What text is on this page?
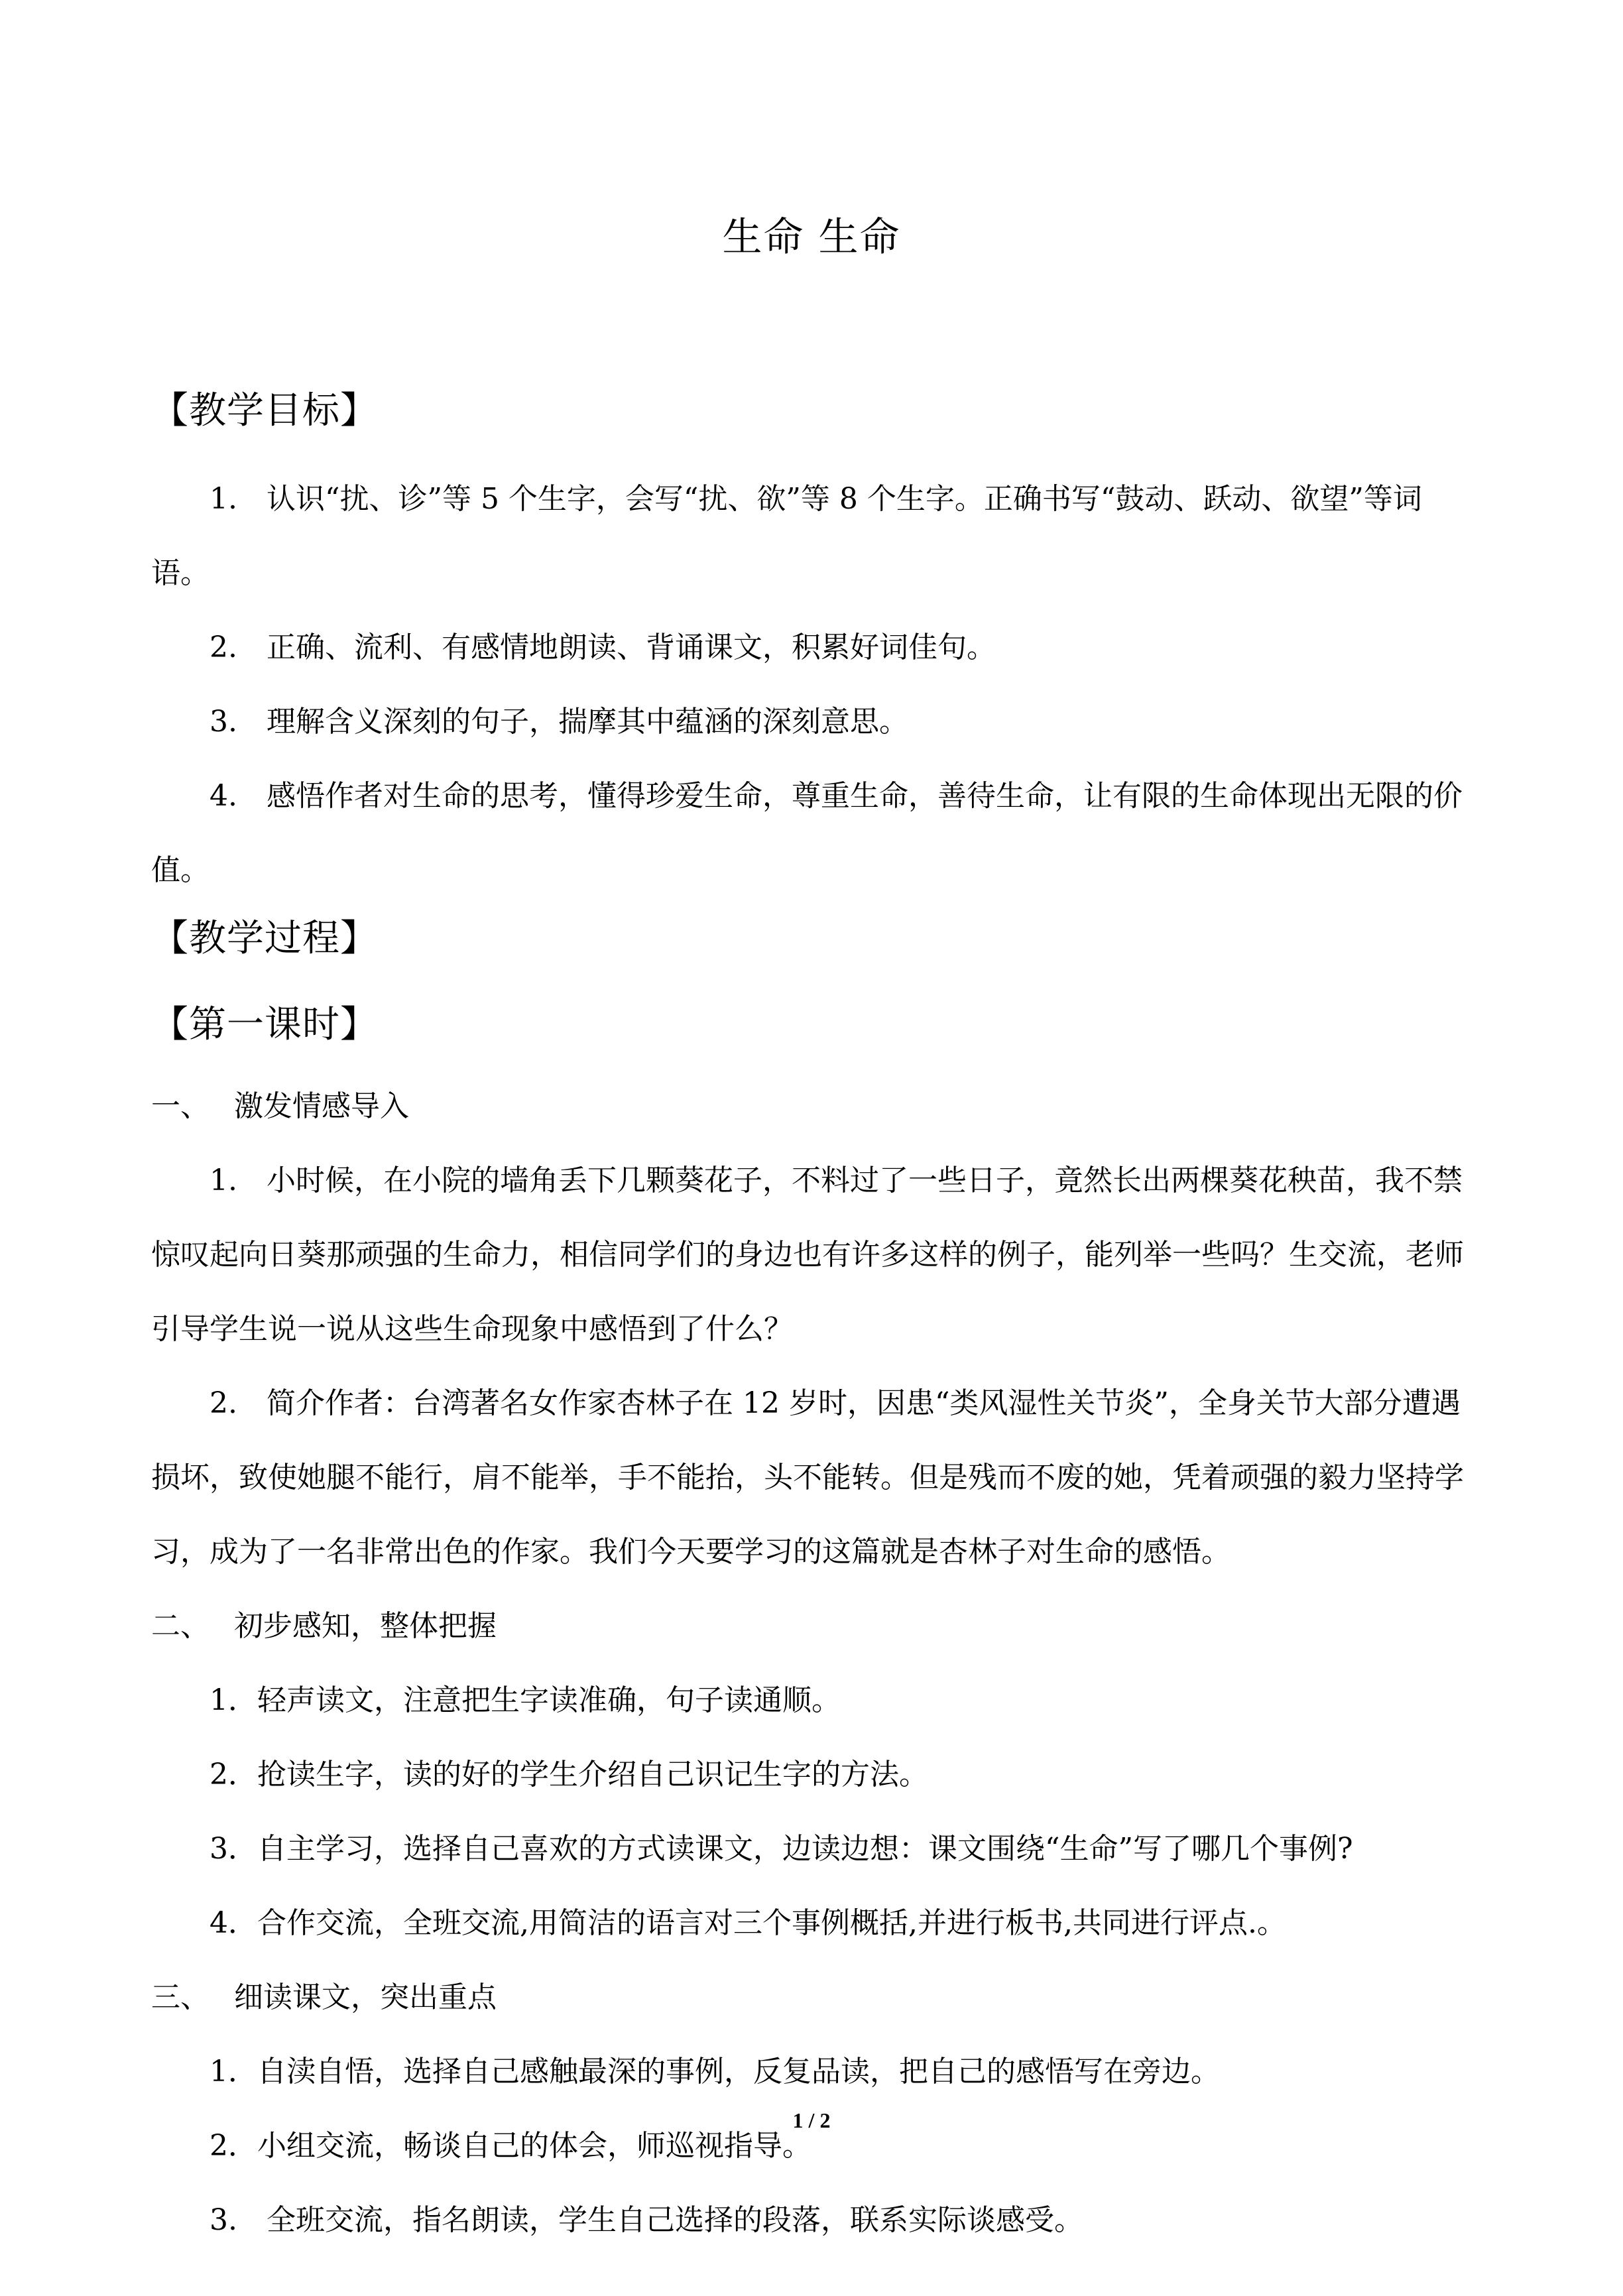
生命 生命

【教学目标】

1.　认识“扰、诊”等 5 个生字，会写“扰、欲”等 8 个生字。正确书写“鼓动、跃动、欲望”等词语。

2.　正确、流利、有感情地朗读、背诵课文，积累好词佳句。

3.　理解含义深刻的句子，揣摩其中蕴涵的深刻意思。

4.　感悟作者对生命的思考，懂得珍爱生命，尊重生命，善待生命，让有限的生命体现出无限的价值。

【教学过程】

【第一课时】

一、 激发情感导入

1.　小时候，在小院的墙角丢下几颗葵花子，不料过了一些日子，竟然长出两棵葵花秧苗，我不禁惊叹起向日葵那顽强的生命力，相信同学们的身边也有许多这样的例子，能列举一些吗？生交流，老师引导学生说一说从这些生命现象中感悟到了什么？

2.　简介作者：台湾著名女作家杏林子在 12 岁时，因患“类风湿性关节炎”，全身关节大部分遭遇损坏，致使她腿不能行，肩不能举，手不能抬，头不能转。但是残而不废的她，凭着顽强的毅力坚持学习，成为了一名非常出色的作家。我们今天要学习的这篇就是杏林子对生命的感悟。

二、 初步感知，整体把握

1．轻声读文，注意把生字读准确，句子读通顺。

2．抢读生字，读的好的学生介绍自己识记生字的方法。

3．自主学习，选择自己喜欢的方式读课文，边读边想：课文围绕“生命”写了哪几个事例?

4．合作交流，全班交流,用简洁的语言对三个事例概括,并进行板书,共同进行评点.。

三、 细读课文，突出重点

1．自渎自悟，选择自己感触最深的事例，反复品读，把自己的感悟写在旁边。

2．小组交流，畅谈自己的体会，师巡视指导。

3.　全班交流，指名朗读，学生自己选择的段落，联系实际谈感受。

1 / 2
